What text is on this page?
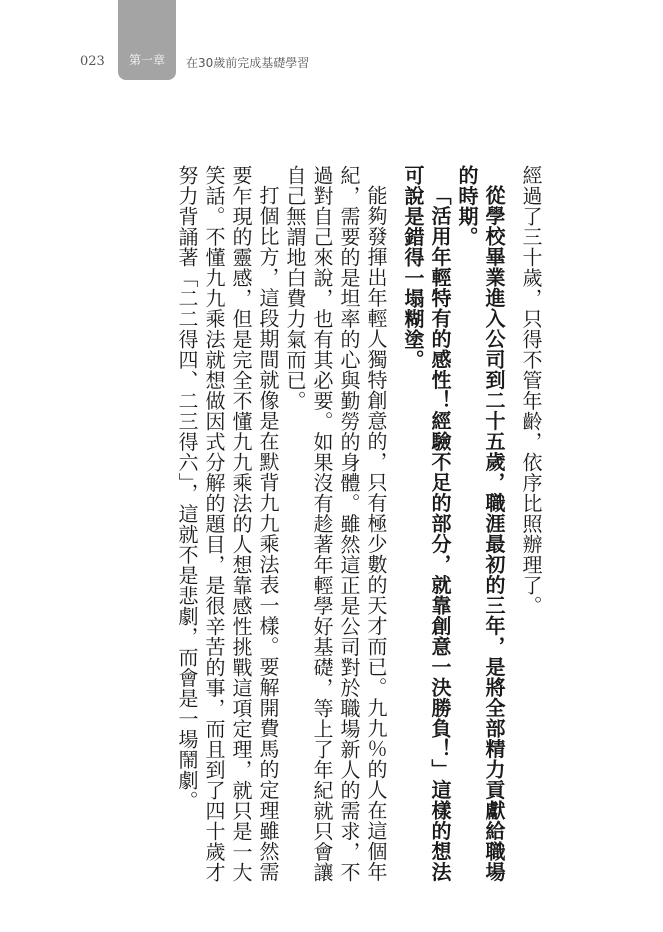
023 第一章 在30歲前完成基礎學習

經過了三十歲，只得不管年齡，依序比照辦理了。

從學校畢業進入公司到二十五歲，職涯最初的三年，是將全部精力貢獻給職場的時期。

「活用年輕特有的感性！經驗不足的部分，就靠創意一決勝負！」這樣的想法可說是錯得一塌糊塗。

能夠發揮出年輕人獨特創意的，只有極少數的天才而已。九九％的人在這個年紀，需要的是坦率的心與勤勞的身體。雖然這正是公司對於職場新人的需求，不過對自己來說，也有其必要。如果沒有趁著年輕學好基礎，等上了年紀就只會讓自己無謂地白費力氣而已。

打個比方，這段期間就像是在默背九九乘法表一樣。要解開費馬的定理雖然需要乍現的靈感，但是完全不懂九九乘法的人想靠感性挑戰這項定理，就只是一大笑話。不懂九九乘法就想做因式分解的題目，是很辛苦的事，而且到了四十歲才努力背誦著「二二得四、二三得六」，這就不是悲劇，而會是一場鬧劇。
